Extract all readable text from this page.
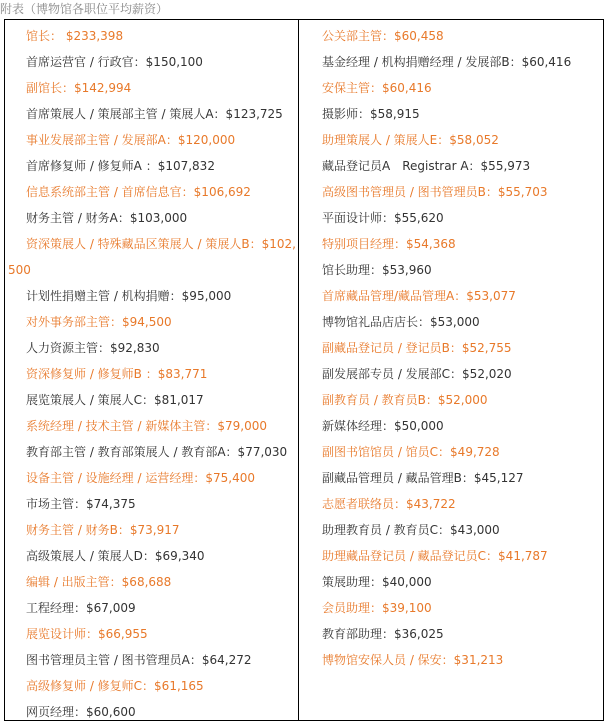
附表（博物馆各职位平均薪资）
馆长： $233,398
首席运营官 / 行政官：$150,100
副馆长：$142,994
首席策展人 / 策展部主管 / 策展人A：$123,725
事业发展部主管 / 发展部A：$120,000
首席修复师 / 修复师A ：$107,832
信息系统部主管 / 首席信息官：$106,692
财务主管 / 财务A：$103,000
资深策展人 / 特殊藏品区策展人 / 策展人B：$102,500
计划性捐赠主管 / 机构捐赠：$95,000
对外事务部主管：$94,500
人力资源主管：$92,830
资深修复师 / 修复师B ：$83,771
展览策展人 / 策展人C：$81,017
系统经理 / 技术主管 / 新媒体主管：$79,000
教育部主管 / 教育部策展人 / 教育部A：$77,030
设备主管 / 设施经理 / 运营经理：$75,400
市场主管：$74,375
财务主管 / 财务B：$73,917
高级策展人 / 策展人D：$69,340
编辑 / 出版主管：$68,688
工程经理：$67,009
展览设计师：$66,955
图书管理员主管 / 图书管理员A：$64,272
高级修复师 / 修复师C：$61,165
网页经理：$60,600
公关部主管：$60,458
基金经理 / 机构捐赠经理 / 发展部B：$60,416
安保主管：$60,416
摄影师：$58,915
助理策展人 / 策展人E：$58,052
藏品登记员A　Registrar A：$55,973
高级图书管理员 / 图书管理员B：$55,703
平面设计师：$55,620
特别项目经理：$54,368
馆长助理：$53,960
首席藏品管理/藏品管理A：$53,077
博物馆礼品店店长：$53,000
副藏品登记员 / 登记员B：$52,755
副发展部专员 / 发展部C：$52,020
副教育员 / 教育员B：$52,000
新媒体经理：$50,000
副图书馆馆员 / 馆员C：$49,728
副藏品管理员 / 藏品管理B：$45,127
志愿者联络员：$43,722
助理教育员 / 教育员C：$43,000
助理藏品登记员 / 藏品登记员C：$41,787
策展助理：$40,000
会员助理：$39,100
教育部助理：$36,025
博物馆安保人员 / 保安：$31,213
